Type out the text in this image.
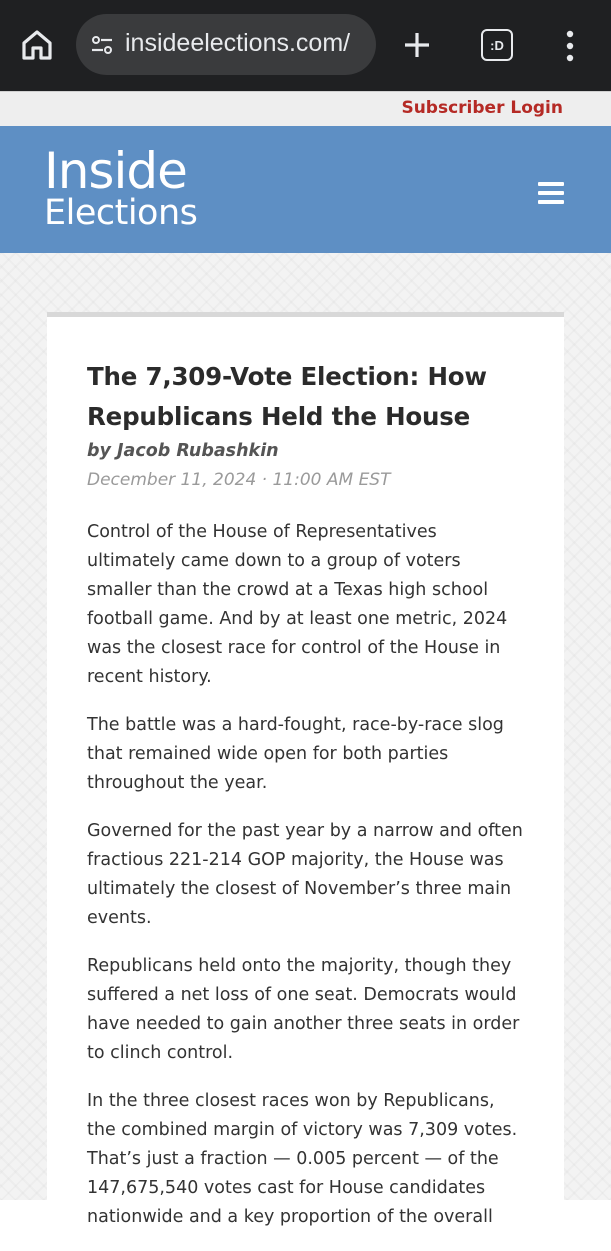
insideelections.com/	:D
Subscriber Login
Inside
Elections
The 7,309-Vote Election: How Republicans Held the House
by Jacob Rubashkin
December 11, 2024 · 11:00 AM EST

Control of the House of Representatives ultimately came down to a group of voters smaller than the crowd at a Texas high school football game. And by at least one metric, 2024 was the closest race for control of the House in recent history.

The battle was a hard-fought, race-by-race slog that remained wide open for both parties throughout the year.

Governed for the past year by a narrow and often fractious 221-214 GOP majority, the House was ultimately the closest of November’s three main events.

Republicans held onto the majority, though they suffered a net loss of one seat. Democrats would have needed to gain another three seats in order to clinch control.

In the three closest races won by Republicans, the combined margin of victory was 7,309 votes. That’s just a fraction — 0.005 percent — of the 147,675,540 votes cast for House candidates nationwide and a key proportion of the overall
